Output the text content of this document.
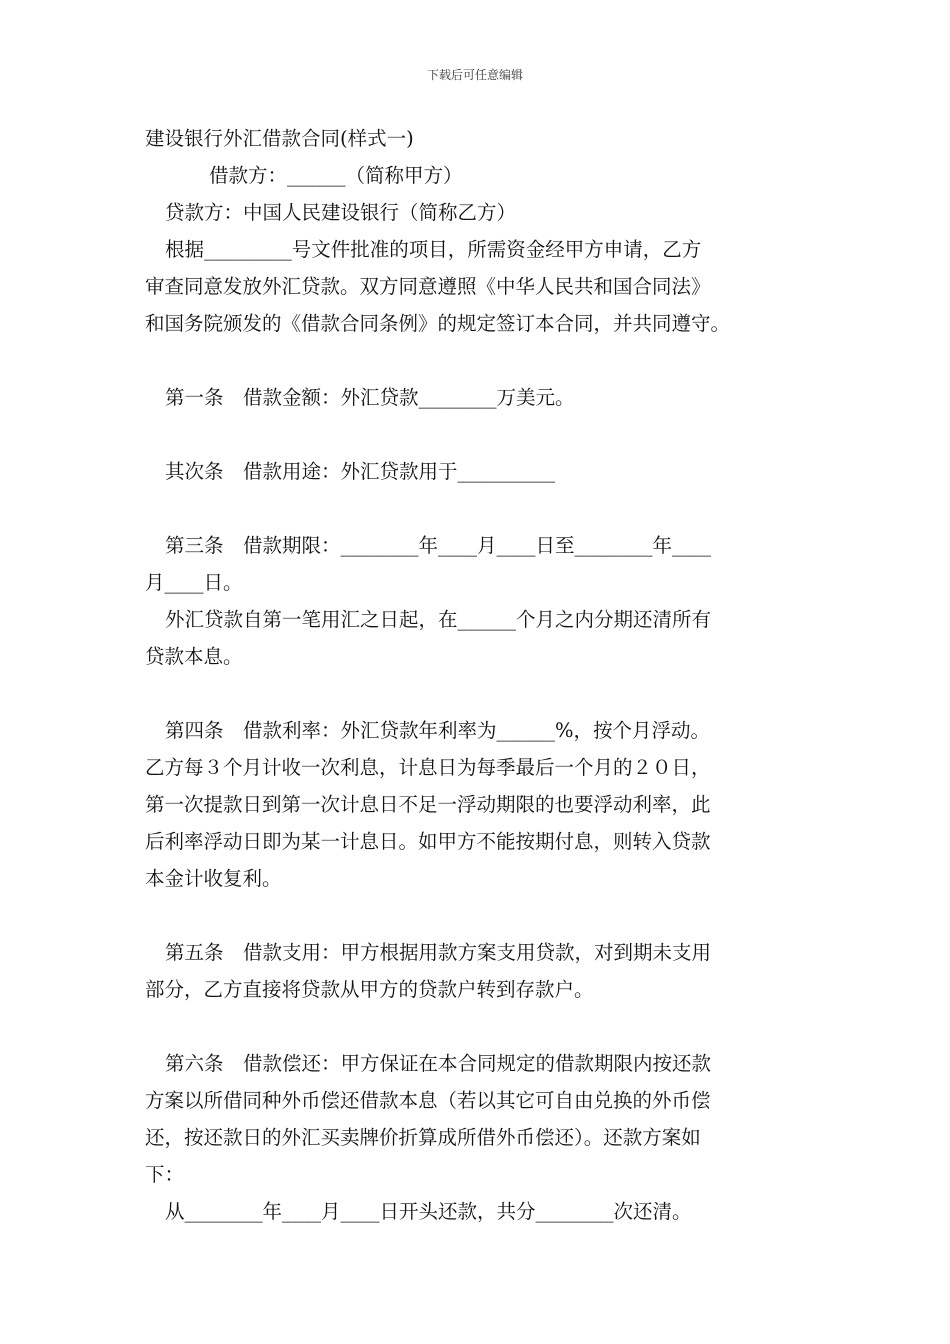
下载后可任意编辑
建设银行外汇借款合同(样式一)
借款方：______（简称甲方）
贷款方：中国人民建设银行（简称乙方）
根据_________号文件批准的项目，所需资金经甲方申请，乙方
审查同意发放外汇贷款。双方同意遵照《中华人民共和国合同法》
和国务院颁发的《借款合同条例》的规定签订本合同，并共同遵守。
第一条　借款金额：外汇贷款________万美元。
其次条　借款用途：外汇贷款用于__________
第三条　借款期限：________年____月____日至________年____
月____日。
外汇贷款自第一笔用汇之日起，在______个月之内分期还清所有
贷款本息。
第四条　借款利率：外汇贷款年利率为______%，按个月浮动。
乙方每３个月计收一次利息，计息日为每季最后一个月的２０日，
第一次提款日到第一次计息日不足一浮动期限的也要浮动利率，此
后利率浮动日即为某一计息日。如甲方不能按期付息，则转入贷款
本金计收复利。
第五条　借款支用：甲方根据用款方案支用贷款，对到期未支用
部分，乙方直接将贷款从甲方的贷款户转到存款户。
第六条　借款偿还：甲方保证在本合同规定的借款期限内按还款
方案以所借同种外币偿还借款本息（若以其它可自由兑换的外币偿
还，按还款日的外汇买卖牌价折算成所借外币偿还）。还款方案如
下：
从________年____月____日开头还款，共分________次还清。
